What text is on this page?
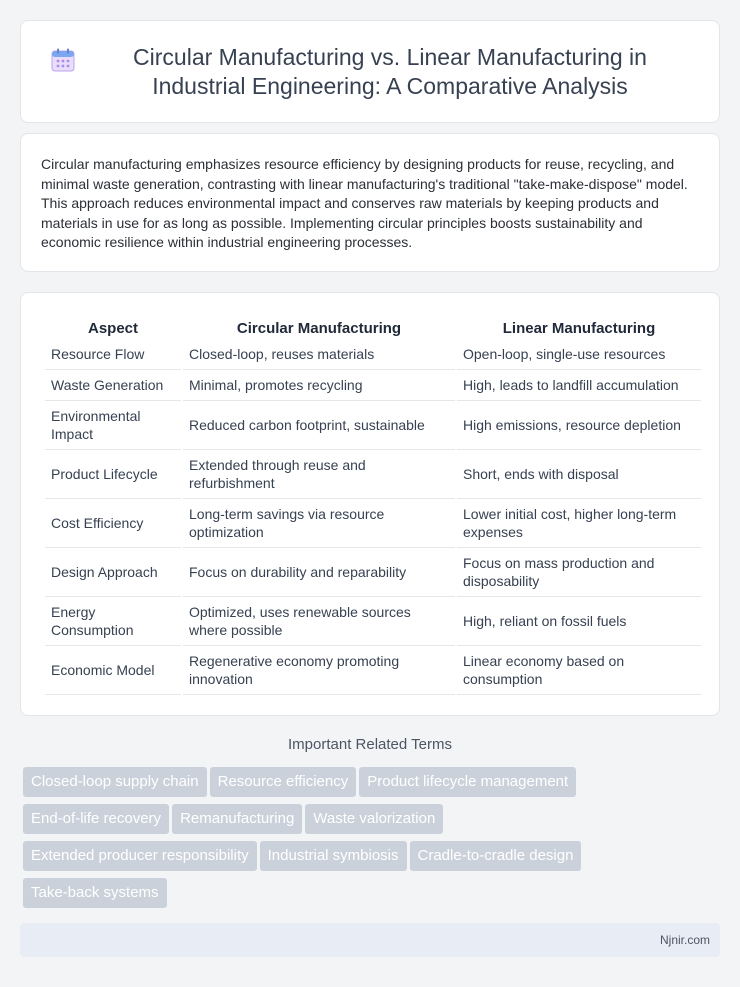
Circular Manufacturing vs. Linear Manufacturing in Industrial Engineering: A Comparative Analysis

Circular manufacturing emphasizes resource efficiency by designing products for reuse, recycling, and minimal waste generation, contrasting with linear manufacturing's traditional "take-make-dispose" model. This approach reduces environmental impact and conserves raw materials by keeping products and materials in use for as long as possible. Implementing circular principles boosts sustainability and economic resilience within industrial engineering processes.

Aspect	Circular Manufacturing	Linear Manufacturing
Resource Flow	Closed-loop, reuses materials	Open-loop, single-use resources
Waste Generation	Minimal, promotes recycling	High, leads to landfill accumulation
Environmental Impact	Reduced carbon footprint, sustainable	High emissions, resource depletion
Product Lifecycle	Extended through reuse and refurbishment	Short, ends with disposal
Cost Efficiency	Long-term savings via resource optimization	Lower initial cost, higher long-term expenses
Design Approach	Focus on durability and reparability	Focus on mass production and disposability
Energy Consumption	Optimized, uses renewable sources where possible	High, reliant on fossil fuels
Economic Model	Regenerative economy promoting innovation	Linear economy based on consumption
Important Related Terms
Closed-loop supply chain Resource efficiency Product lifecycle management
End-of-life recovery Remanufacturing Waste valorization
Extended producer responsibility Industrial symbiosis Cradle-to-cradle design
Take-back systems
Njnir.com
